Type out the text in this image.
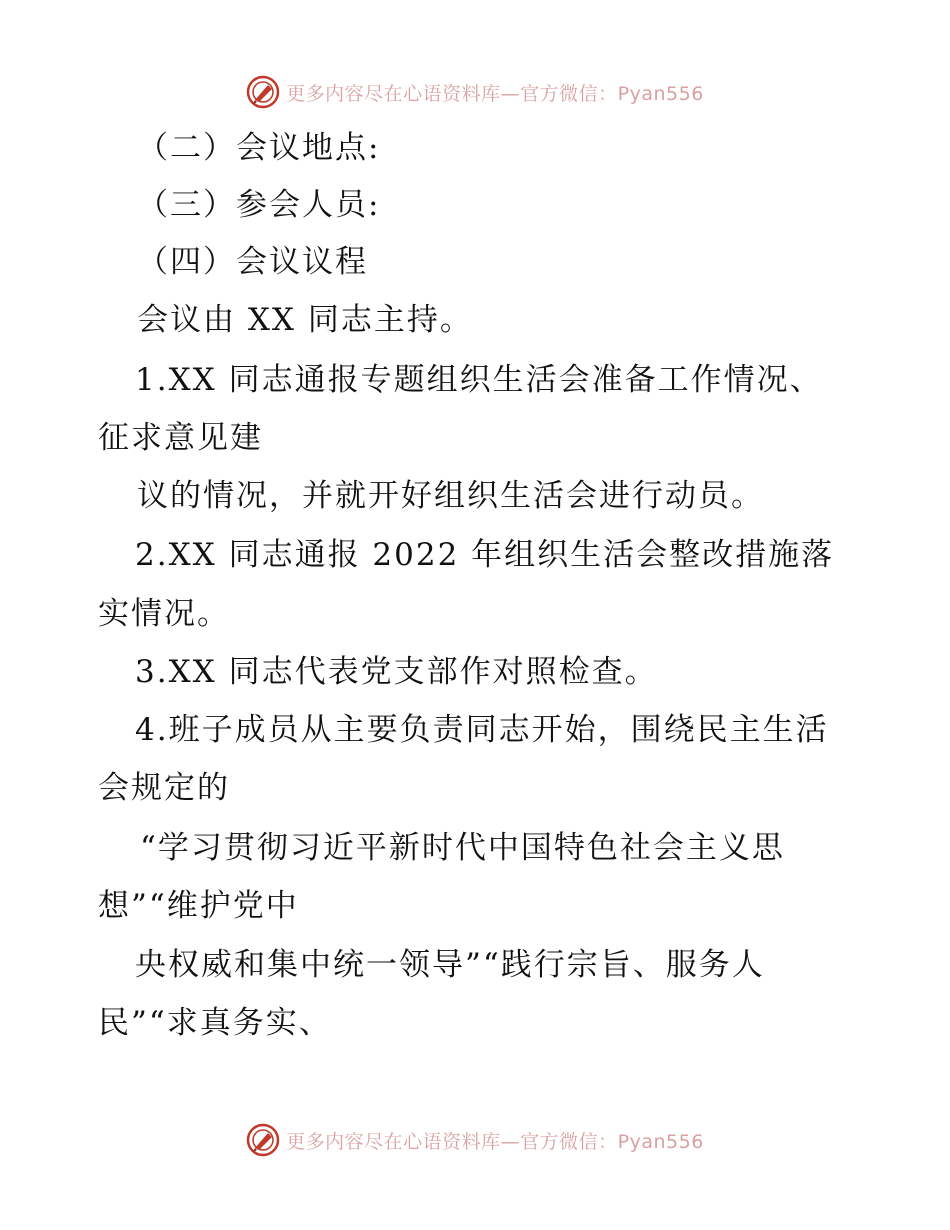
更多内容尽在心语资料库—官方微信：Pyan556
（二）会议地点:
（三）参会人员:
（四）会议议程
会议由 XX 同志主持。
1.XX 同志通报专题组织生活会准备工作情况、
征求意见建
议的情况，并就开好组织生活会进行动员。
2.XX 同志通报 2022 年组织生活会整改措施落
实情况。
3.XX 同志代表党支部作对照检查。
4.班子成员从主要负责同志开始，围绕民主生活
会规定的
“学习贯彻习近平新时代中国特色社会主义思
想”“维护党中
央权威和集中统一领导”“践行宗旨、服务人
民”“求真务实、
更多内容尽在心语资料库—官方微信：Pyan556
